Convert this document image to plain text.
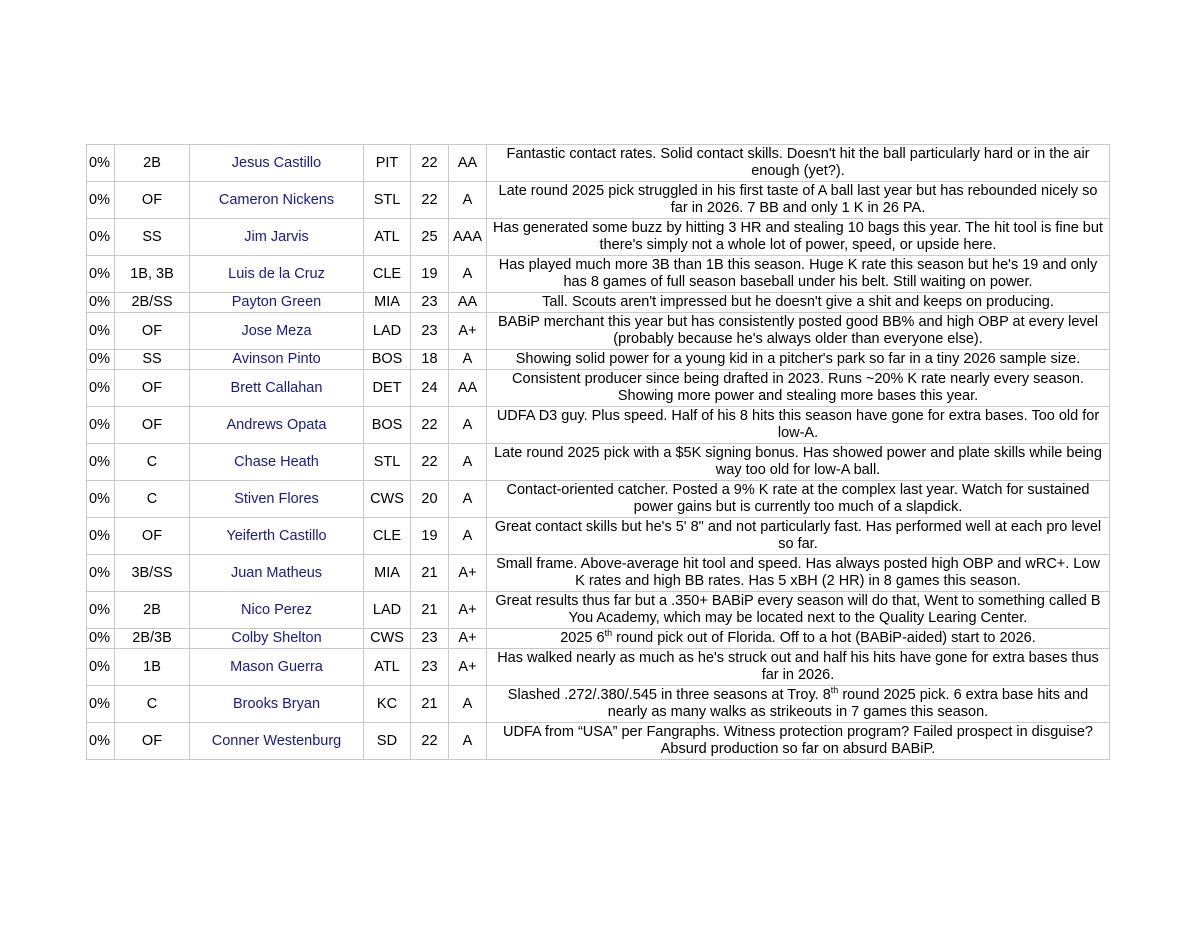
0%	2B	Jesus Castillo	PIT	22	AA	Fantastic contact rates. Solid contact skills. Doesn't hit the ball particularly hard or in the air enough (yet?).
0%	OF	Cameron Nickens	STL	22	A	Late round 2025 pick struggled in his first taste of A ball last year but has rebounded nicely so far in 2026. 7 BB and only 1 K in 26 PA.
0%	SS	Jim Jarvis	ATL	25	AAA	Has generated some buzz by hitting 3 HR and stealing 10 bags this year. The hit tool is fine but there's simply not a whole lot of power, speed, or upside here.
0%	1B, 3B	Luis de la Cruz	CLE	19	A	Has played much more 3B than 1B this season. Huge K rate this season but he's 19 and only has 8 games of full season baseball under his belt. Still waiting on power.
0%	2B/SS	Payton Green	MIA	23	AA	Tall. Scouts aren't impressed but he doesn't give a shit and keeps on producing.
0%	OF	Jose Meza	LAD	23	A+	BABiP merchant this year but has consistently posted good BB% and high OBP at every level (probably because he's always older than everyone else).
0%	SS	Avinson Pinto	BOS	18	A	Showing solid power for a young kid in a pitcher's park so far in a tiny 2026 sample size.
0%	OF	Brett Callahan	DET	24	AA	Consistent producer since being drafted in 2023. Runs ~20% K rate nearly every season. Showing more power and stealing more bases this year.
0%	OF	Andrews Opata	BOS	22	A	UDFA D3 guy. Plus speed. Half of his 8 hits this season have gone for extra bases. Too old for low-A.
0%	C	Chase Heath	STL	22	A	Late round 2025 pick with a $5K signing bonus. Has showed power and plate skills while being way too old for low-A ball.
0%	C	Stiven Flores	CWS	20	A	Contact-oriented catcher. Posted a 9% K rate at the complex last year. Watch for sustained power gains but is currently too much of a slapdick.
0%	OF	Yeiferth Castillo	CLE	19	A	Great contact skills but he's 5' 8" and not particularly fast. Has performed well at each pro level so far.
0%	3B/SS	Juan Matheus	MIA	21	A+	Small frame. Above-average hit tool and speed. Has always posted high OBP and wRC+. Low K rates and high BB rates. Has 5 xBH (2 HR) in 8 games this season.
0%	2B	Nico Perez	LAD	21	A+	Great results thus far but a .350+ BABiP every season will do that, Went to something called B You Academy, which may be located next to the Quality Learing Center.
0%	2B/3B	Colby Shelton	CWS	23	A+	2025 6th round pick out of Florida. Off to a hot (BABiP-aided) start to 2026.
0%	1B	Mason Guerra	ATL	23	A+	Has walked nearly as much as he's struck out and half his hits have gone for extra bases thus far in 2026.
0%	C	Brooks Bryan	KC	21	A	Slashed .272/.380/.545 in three seasons at Troy. 8th round 2025 pick. 6 extra base hits and nearly as many walks as strikeouts in 7 games this season.
0%	OF	Conner Westenburg	SD	22	A	UDFA from “USA” per Fangraphs. Witness protection program? Failed prospect in disguise? Absurd production so far on absurd BABiP.
